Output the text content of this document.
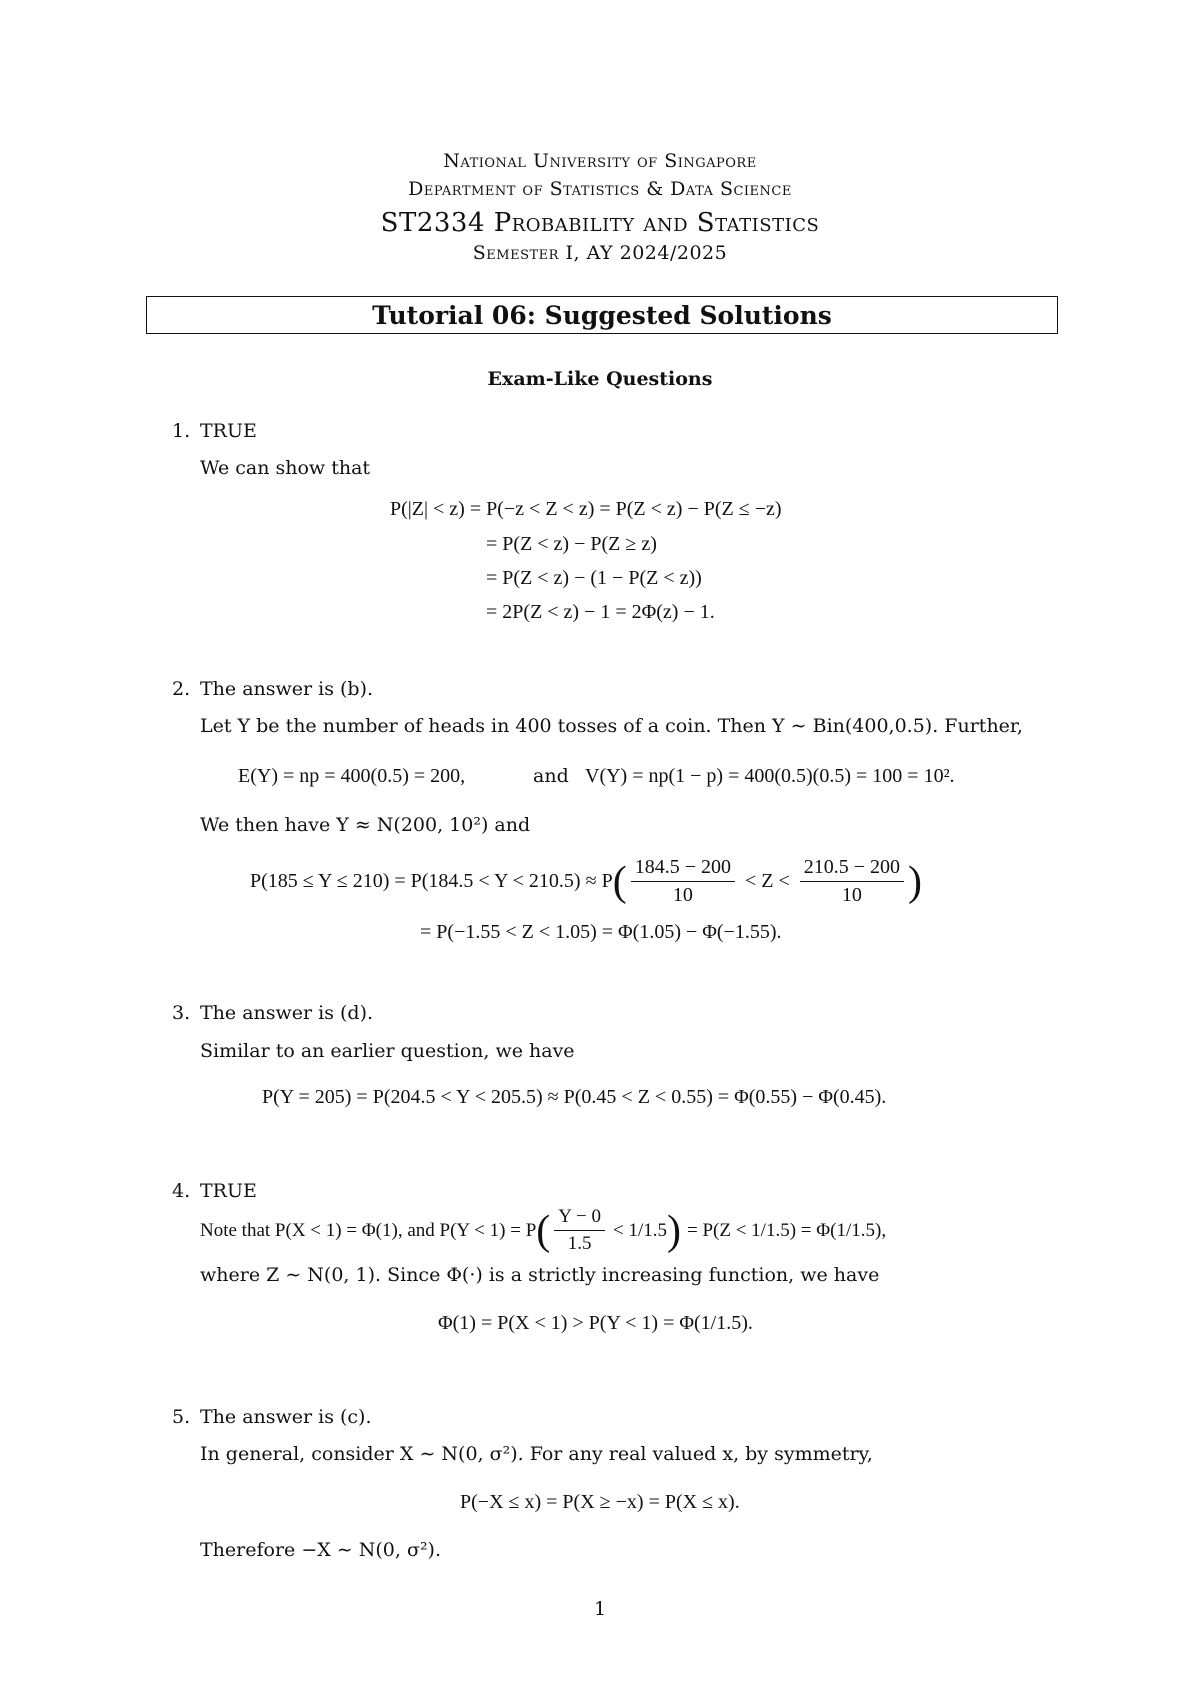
National University of Singapore
Department of Statistics & Data Science
ST2334 Probability and Statistics
Semester I, AY 2024/2025
Tutorial 06: Suggested Solutions
Exam-Like Questions
1. TRUE
We can show that
P(|Z| < z) = P(−z < Z < z) = P(Z < z) − P(Z ≤ −z)
= P(Z < z) − P(Z ≥ z)
= P(Z < z) − (1 − P(Z < z))
= 2P(Z < z) − 1 = 2Φ(z) − 1.
2. The answer is (b).
Let Y be the number of heads in 400 tosses of a coin. Then Y ∼ Bin(400,0.5). Further,
E(Y) = np = 400(0.5) = 200,	and V(Y) = np(1 − p) = 400(0.5)(0.5) = 100 = 10².
We then have Y ≈ N(200, 10²) and
P(185 ≤ Y ≤ 210) = P(184.5 < Y < 210.5) ≈ P ( $\frac{184.5 - 200}{10} < Z < \frac{210.5 - 200}{10}$ )
= P(−1.55 < Z < 1.05) = Φ(1.05) − Φ(−1.55).
3. The answer is (d).
Similar to an earlier question, we have
P(Y = 205) = P(204.5 < Y < 205.5) ≈ P(0.45 < Z < 0.55) = Φ(0.55) − Φ(0.45).
4. TRUE
Note that P(X < 1) = Φ(1), and P(Y < 1) = P ( $\frac{Y - 0}{1.5} < 1/1.5$ ) = P(Z < 1/1.5) = Φ(1/1.5),
where Z ∼ N(0, 1). Since Φ(·) is a strictly increasing function, we have
Φ(1) = P(X < 1) > P(Y < 1) = Φ(1/1.5).
5. The answer is (c).
In general, consider X ∼ N(0, σ²). For any real valued x, by symmetry,
P(−X ≤ x) = P(X ≥ −x) = P(X ≤ x).
Therefore −X ∼ N(0, σ²).
1
